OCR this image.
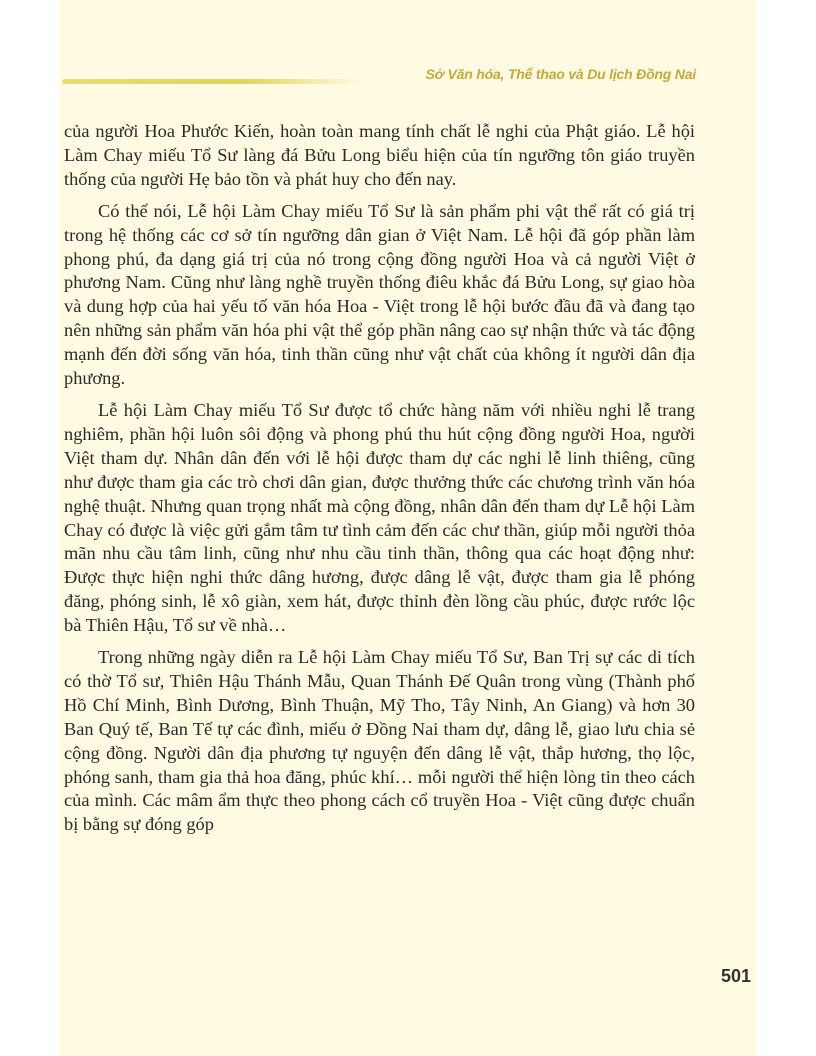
Sở Văn hóa, Thể thao và Du lịch Đồng Nai

của người Hoa Phước Kiến, hoàn toàn mang tính chất lễ nghi của Phật giáo. Lễ hội Làm Chay miếu Tổ Sư làng đá Bửu Long biểu hiện của tín ngưỡng tôn giáo truyền thống của người Hẹ bảo tồn và phát huy cho đến nay.

Có thể nói, Lễ hội Làm Chay miếu Tổ Sư là sản phẩm phi vật thể rất có giá trị trong hệ thống các cơ sở tín ngưỡng dân gian ở Việt Nam. Lễ hội đã góp phần làm phong phú, đa dạng giá trị của nó trong cộng đồng người Hoa và cả người Việt ở phương Nam. Cũng như làng nghề truyền thống điêu khắc đá Bửu Long, sự giao hòa và dung hợp của hai yếu tố văn hóa Hoa - Việt trong lễ hội bước đầu đã và đang tạo nên những sản phẩm văn hóa phi vật thể góp phần nâng cao sự nhận thức và tác động mạnh đến đời sống văn hóa, tinh thần cũng như vật chất của không ít người dân địa phương.

Lễ hội Làm Chay miếu Tổ Sư được tổ chức hàng năm với nhiều nghi lễ trang nghiêm, phần hội luôn sôi động và phong phú thu hút cộng đồng người Hoa, người Việt tham dự. Nhân dân đến với lễ hội được tham dự các nghi lễ linh thiêng, cũng như được tham gia các trò chơi dân gian, được thưởng thức các chương trình văn hóa nghệ thuật. Nhưng quan trọng nhất mà cộng đồng, nhân dân đến tham dự Lễ hội Làm Chay có được là việc gửi gắm tâm tư tình cảm đến các chư thần, giúp mỗi người thỏa mãn nhu cầu tâm linh, cũng như nhu cầu tinh thần, thông qua các hoạt động như: Được thực hiện nghi thức dâng hương, được dâng lễ vật, được tham gia lễ phóng đăng, phóng sinh, lễ xô giàn, xem hát, được thỉnh đèn lồng cầu phúc, được rước lộc bà Thiên Hậu, Tổ sư về nhà…

Trong những ngày diễn ra Lễ hội Làm Chay miếu Tổ Sư, Ban Trị sự các di tích có thờ Tổ sư, Thiên Hậu Thánh Mẫu, Quan Thánh Đế Quân trong vùng (Thành phố Hồ Chí Minh, Bình Dương, Bình Thuận, Mỹ Tho, Tây Ninh, An Giang) và hơn 30 Ban Quý tế, Ban Tế tự các đình, miếu ở Đồng Nai tham dự, dâng lễ, giao lưu chia sẻ cộng đồng. Người dân địa phương tự nguyện đến dâng lễ vật, thắp hương, thọ lộc, phóng sanh, tham gia thả hoa đăng, phúc khí… mỗi người thể hiện lòng tin theo cách của mình. Các mâm ẩm thực theo phong cách cổ truyền Hoa - Việt cũng được chuẩn bị bằng sự đóng góp

501
